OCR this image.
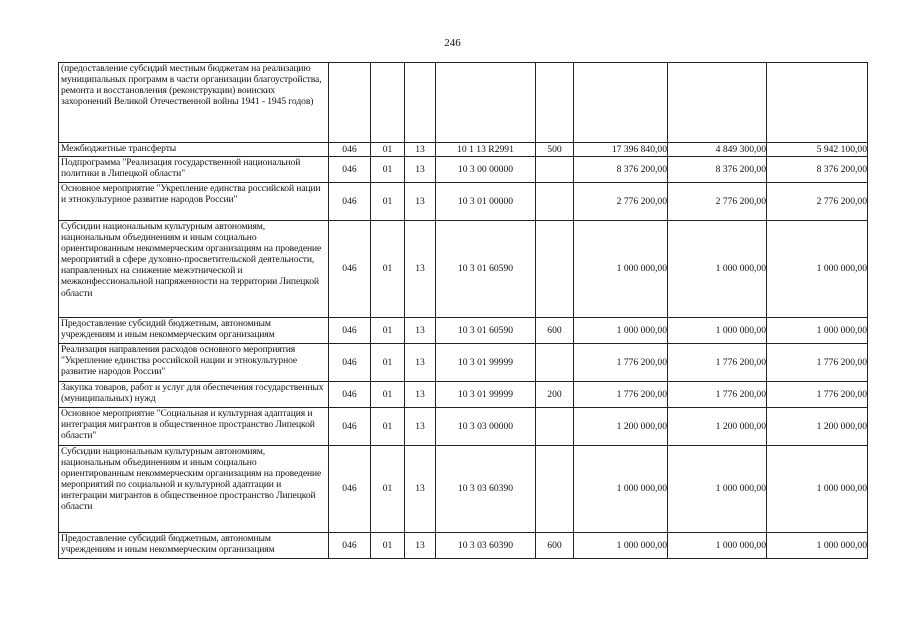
246
(предоставление субсидий местным бюджетам на реализацию муниципальных программ в части организации благоустройства, ремонта и восстановления (реконструкции) воинских захоронений Великой Отечественной войны 1941 - 1945 годов)								
Межбюджетные трансферты	046	01	13	10 1 13 R2991	500	17 396 840,00	4 849 300,00	5 942 100,00
Подпрограмма "Реализация государственной национальной политики в Липецкой области"	046	01	13	10 3 00 00000		8 376 200,00	8 376 200,00	8 376 200,00
Основное мероприятие "Укрепление единства российской нации и этнокультурное развитие народов России"	046	01	13	10 3 01 00000		2 776 200,00	2 776 200,00	2 776 200,00
Субсидии национальным культурным автономиям, национальным объединениям и иным социально ориентированным некоммерческим организациям на проведение мероприятий в сфере духовно-просветительской деятельности, направленных на снижение межэтнической и межконфессиональной напряженности на территории Липецкой области	046	01	13	10 3 01 60590		1 000 000,00	1 000 000,00	1 000 000,00
Предоставление субсидий бюджетным, автономным учреждениям и иным некоммерческим организациям	046	01	13	10 3 01 60590	600	1 000 000,00	1 000 000,00	1 000 000,00
Реализация направления расходов основного мероприятия "Укрепление единства российской нации и этнокультурное развитие народов России"	046	01	13	10 3 01 99999		1 776 200,00	1 776 200,00	1 776 200,00
Закупка товаров, работ и услуг для обеспечения государственных (муниципальных) нужд	046	01	13	10 3 01 99999	200	1 776 200,00	1 776 200,00	1 776 200,00
Основное мероприятие "Социальная и культурная адаптация и интеграция мигрантов в общественное пространство Липецкой области"	046	01	13	10 3 03 00000		1 200 000,00	1 200 000,00	1 200 000,00
Субсидии национальным культурным автономиям, национальным объединениям и иным социально ориентированным некоммерческим организациям на проведение мероприятий по социальной и культурной адаптации и интеграции мигрантов в общественное пространство Липецкой области	046	01	13	10 3 03 60390		1 000 000,00	1 000 000,00	1 000 000,00
Предоставление субсидий бюджетным, автономным учреждениям и иным некоммерческим организациям	046	01	13	10 3 03 60390	600	1 000 000,00	1 000 000,00	1 000 000,00
